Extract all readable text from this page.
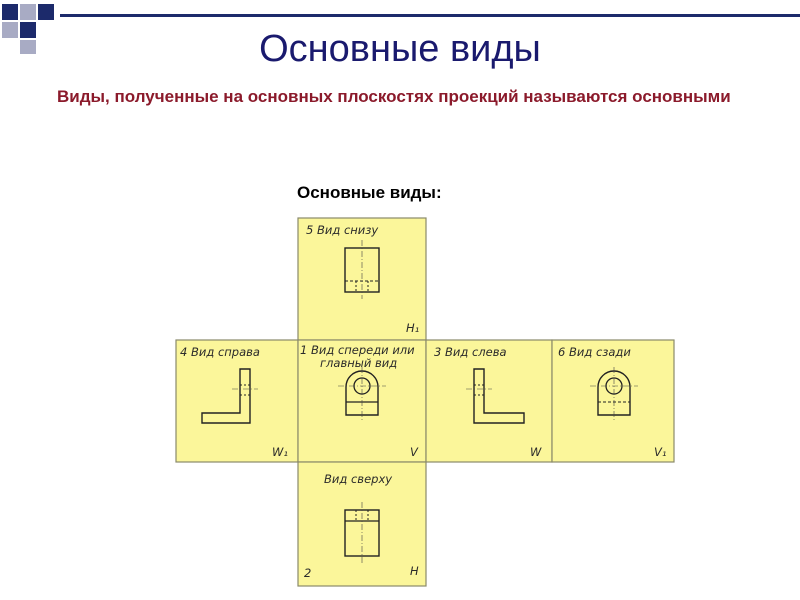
Основные виды
Виды, полученные на основных плоскостях проекций называются основными
Основные виды:
5 Вид снизу
H₁
4 Вид справа
W₁
1 Вид спереди или
главный вид
V
3 Вид слева
W
6 Вид сзади
V₁
Вид сверху
2	H
